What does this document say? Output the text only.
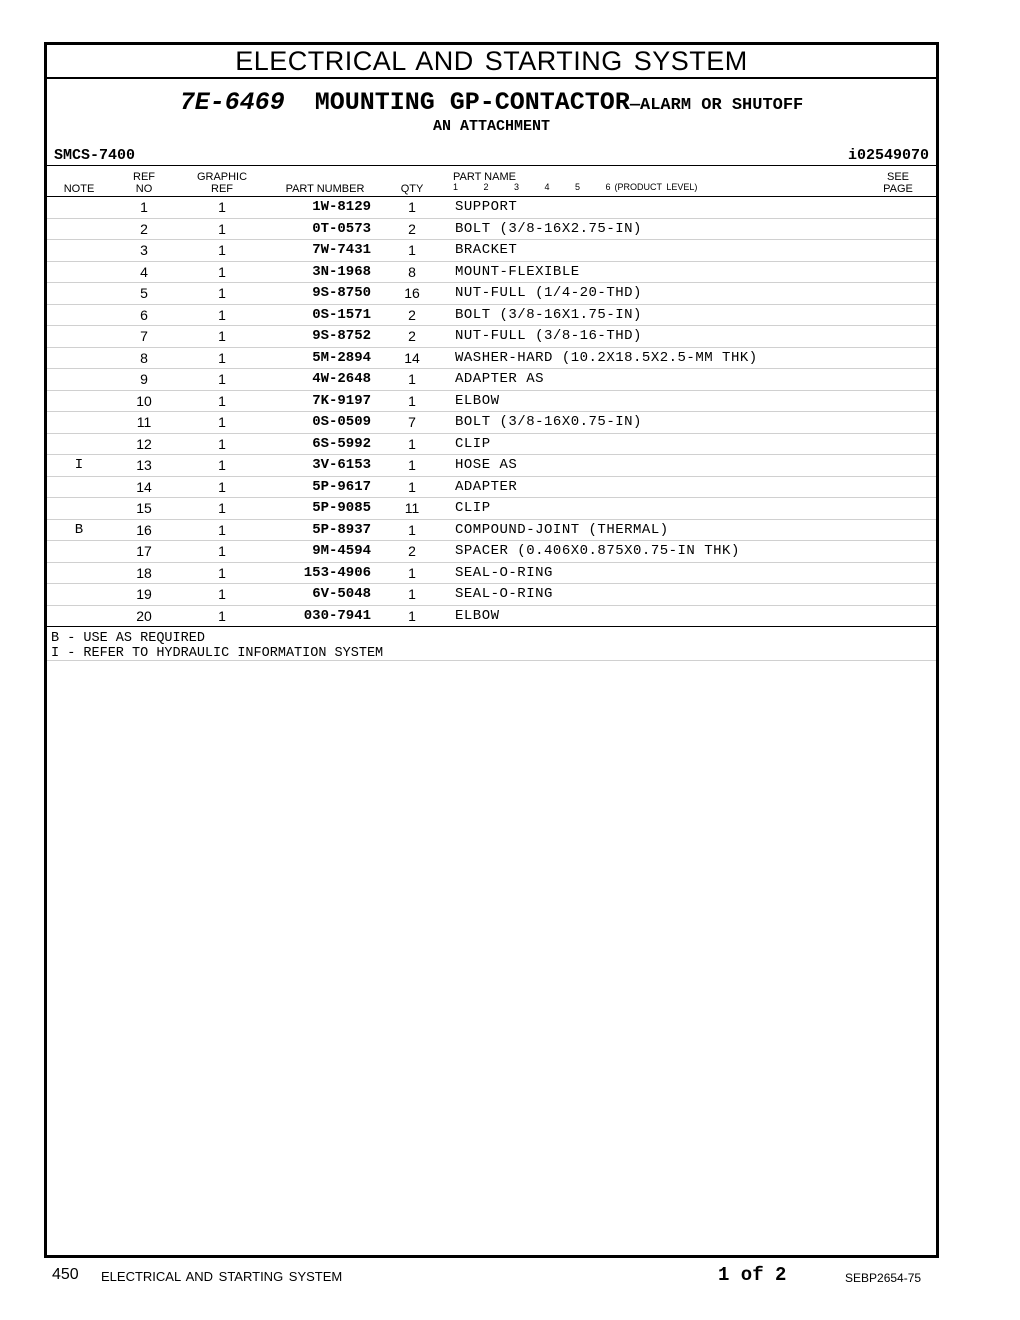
ELECTRICAL AND STARTING SYSTEM
7E-6469 MOUNTING GP-CONTACTOR—ALARM OR SHUTOFF
AN ATTACHMENT
SMCS-7400	i02549070
NOTE
REF
NO
GRAPHIC
REF	PART NUMBER	QTY
PART NAME
1   2   3   4   5   6 (PRODUCT LEVEL)
SEE
PAGE
1	1	1W-8129	1	SUPPORT
2	1	0T-0573	2	BOLT (3/8-16X2.75-IN)
3	1	7W-7431	1	BRACKET
4	1	3N-1968	8	MOUNT-FLEXIBLE
5	1	9S-8750	16	NUT-FULL (1/4-20-THD)
6	1	0S-1571	2	BOLT (3/8-16X1.75-IN)
7	1	9S-8752	2	NUT-FULL (3/8-16-THD)
8	1	5M-2894	14	WASHER-HARD (10.2X18.5X2.5-MM THK)
9	1	4W-2648	1	ADAPTER AS
10	1	7K-9197	1	ELBOW
11	1	0S-0509	7	BOLT (3/8-16X0.75-IN)
12	1	6S-5992	1	CLIP
I	13	1	3V-6153	1	HOSE AS
14	1	5P-9617	1	ADAPTER
15	1	5P-9085	11	CLIP
B	16	1	5P-8937	1	COMPOUND-JOINT (THERMAL)
17	1	9M-4594	2	SPACER (0.406X0.875X0.75-IN THK)
18	1	153-4906	1	SEAL-O-RING
19	1	6V-5048	1	SEAL-O-RING
20	1	030-7941	1	ELBOW
B - USE AS REQUIRED
I - REFER TO HYDRAULIC INFORMATION SYSTEM
450 ELECTRICAL AND STARTING SYSTEM	1 of 2	SEBP2654-75
